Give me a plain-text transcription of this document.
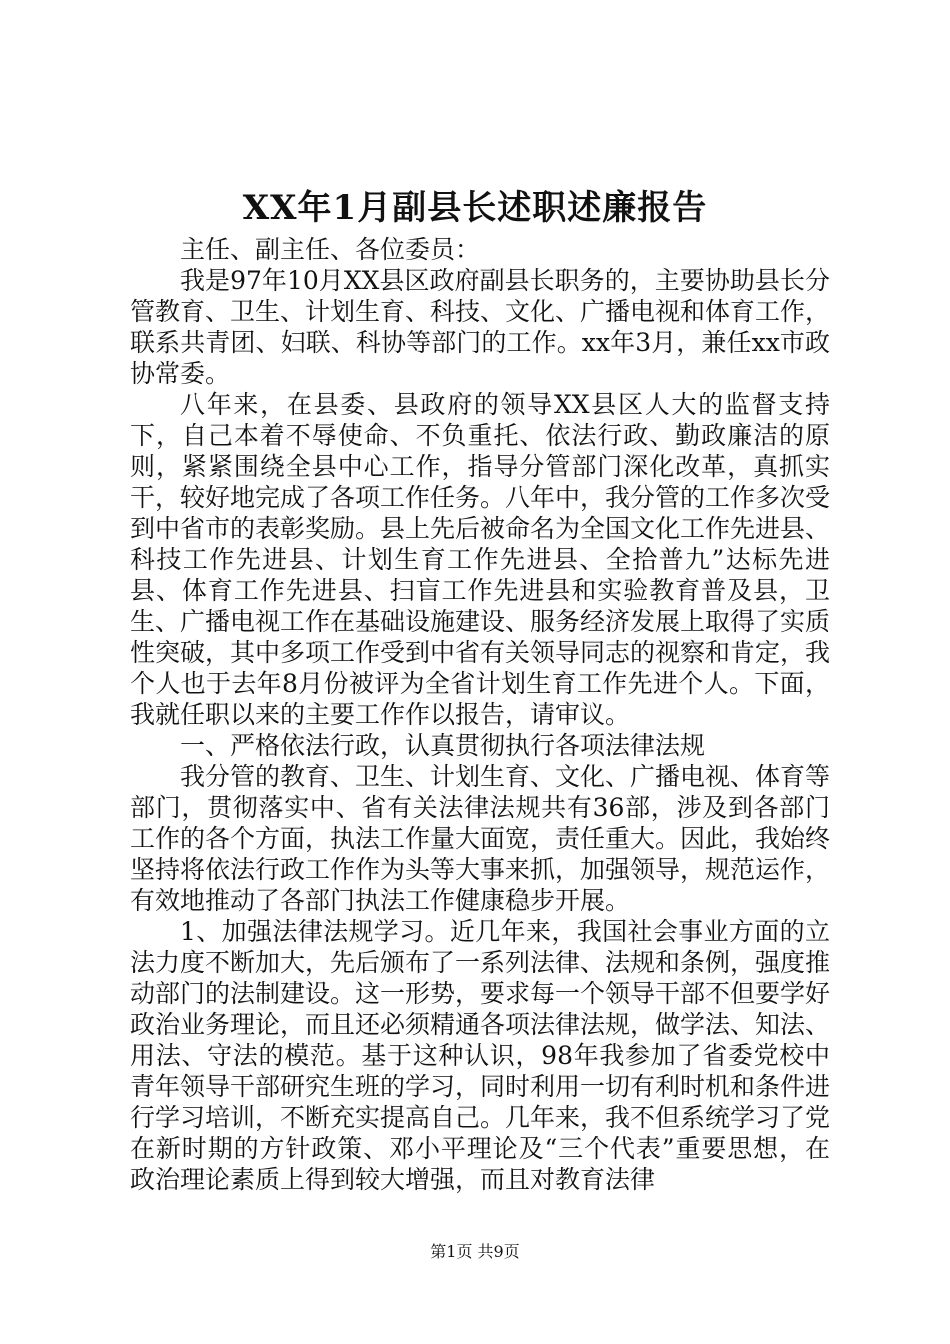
XX年1月副县长述职述廉报告

主任、副主任、各位委员：

我是97年10月XX县区政府副县长职务的，主要协助县长分管教育、卫生、计划生育、科技、文化、广播电视和体育工作，联系共青团、妇联、科协等部门的工作。xx年3月，兼任xx市政协常委。

八年来，在县委、县政府的领导XX县区人大的监督支持下，自己本着不辱使命、不负重托、依法行政、勤政廉洁的原则，紧紧围绕全县中心工作，指导分管部门深化改革，真抓实干，较好地完成了各项工作任务。八年中，我分管的工作多次受到中省市的表彰奖励。县上先后被命名为全国文化工作先进县、科技工作先进县、计划生育工作先进县、全拾普九”达标先进县、体育工作先进县、扫盲工作先进县和实验教育普及县，卫生、广播电视工作在基础设施建设、服务经济发展上取得了实质性突破，其中多项工作受到中省有关领导同志的视察和肯定，我个人也于去年8月份被评为全省计划生育工作先进个人。下面，我就任职以来的主要工作作以报告，请审议。

一、严格依法行政，认真贯彻执行各项法律法规

我分管的教育、卫生、计划生育、文化、广播电视、体育等部门，贯彻落实中、省有关法律法规共有36部，涉及到各部门工作的各个方面，执法工作量大面宽，责任重大。因此，我始终坚持将依法行政工作作为头等大事来抓，加强领导，规范运作，有效地推动了各部门执法工作健康稳步开展。

1、加强法律法规学习。近几年来，我国社会事业方面的立法力度不断加大，先后颁布了一系列法律、法规和条例，强度推动部门的法制建设。这一形势，要求每一个领导干部不但要学好政治业务理论，而且还必须精通各项法律法规，做学法、知法、用法、守法的模范。基于这种认识，98年我参加了省委党校中青年领导干部研究生班的学习，同时利用一切有利时机和条件进行学习培训，不断充实提高自己。几年来，我不但系统学习了党在新时期的方针政策、邓小平理论及“三个代表”重要思想，在政治理论素质上得到较大增强，而且对教育法律

第1页 共9页
